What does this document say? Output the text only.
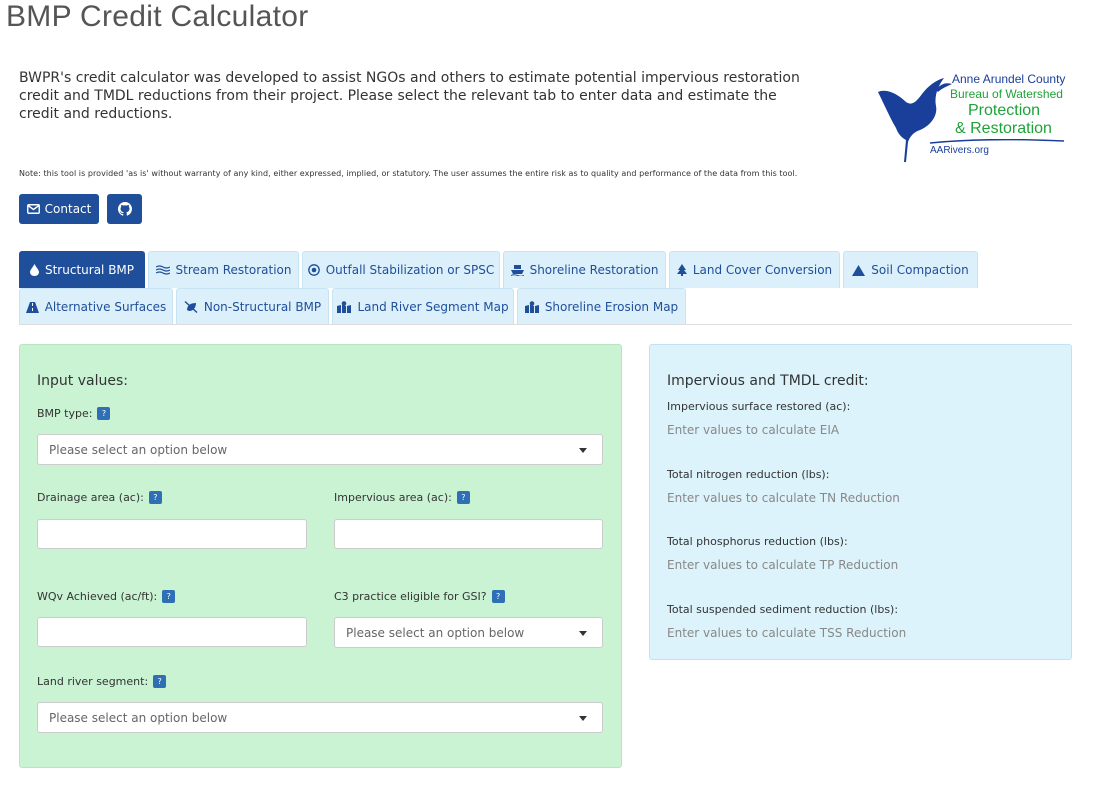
BMP Credit Calculator

BWPR's credit calculator was developed to assist NGOs and others to estimate potential impervious restoration credit and TMDL reductions from their project. Please select the relevant tab to enter data and estimate the credit and reductions.

Anne Arundel County
Bureau of Watershed
Protection
& Restoration
AARivers.org

Note: this tool is provided 'as is' without warranty of any kind, either expressed, implied, or statutory. The user assumes the entire risk as to quality and performance of the data from this tool.

Contact
Structural BMP	Stream Restoration	Outfall Stabilization or SPSC	Shoreline Restoration	Land Cover Conversion	Soil Compaction
Alternative Surfaces	Non-Structural BMP	Land River Segment Map	Shoreline Erosion Map
Input values:
BMP type:	?
Please select an option below
Drainage area (ac):	?	Impervious area (ac):	?
WQv Achieved (ac/ft):	?	C3 practice eligible for GSI?	?
Please select an option below
Land river segment:	?
Please select an option below
Impervious and TMDL credit:
Impervious surface restored (ac):
Enter values to calculate EIA
Total nitrogen reduction (lbs):
Enter values to calculate TN Reduction
Total phosphorus reduction (lbs):
Enter values to calculate TP Reduction
Total suspended sediment reduction (lbs):
Enter values to calculate TSS Reduction
